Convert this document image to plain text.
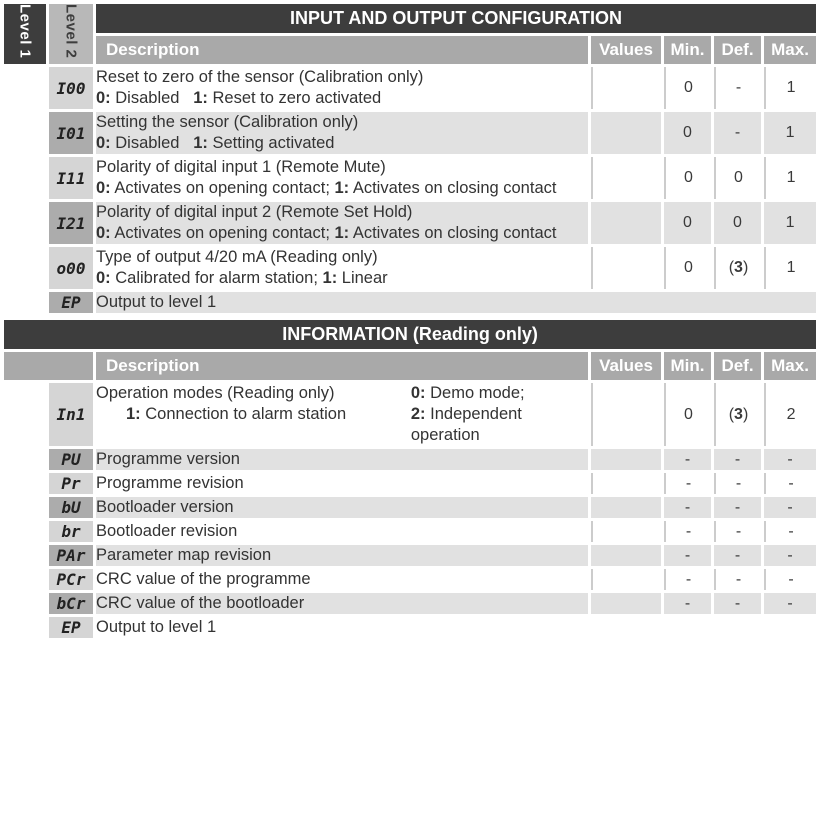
Level 1	Level 2	INPUT AND OUTPUT CONFIGURATION				
		Description	Values	Min.	Def.	Max.
In0	I00	Reset to zero of the sensor (Calibration only)
0: Disabled   1: Reset to zero activated		0	-	1
	I01	Setting the sensor (Calibration only)
0: Disabled   1: Setting activated		0	-	1
	I11	Polarity of digital input 1 (Remote Mute)
0: Activates on opening contact; 1: Activates on closing contact		0	0	1
	I21	Polarity of digital input 2 (Remote Set Hold)
0: Activates on opening contact; 1: Activates on closing contact		0	0	1
	o00	Type of output 4/20 mA (Reading only)
0: Calibrated for alarm station; 1: Linear		0	(3)	1
	EP	Output to level 1				
INFORMATION (Reading only)						
		Description	Values	Min.	Def.	Max.
tId	In1	Operation modes (Reading only)
1: Connection to alarm station
0: Demo mode;
2: Independent operation		0	(3)	2
	PU	Programme version		-	-	-
	Pr	Programme revision		-	-	-
	bU	Bootloader version		-	-	-
	br	Bootloader revision		-	-	-
	PAr	Parameter map revision		-	-	-
	PCr	CRC value of the programme		-	-	-
	bCr	CRC value of the bootloader		-	-	-
	EP	Output to level 1				
